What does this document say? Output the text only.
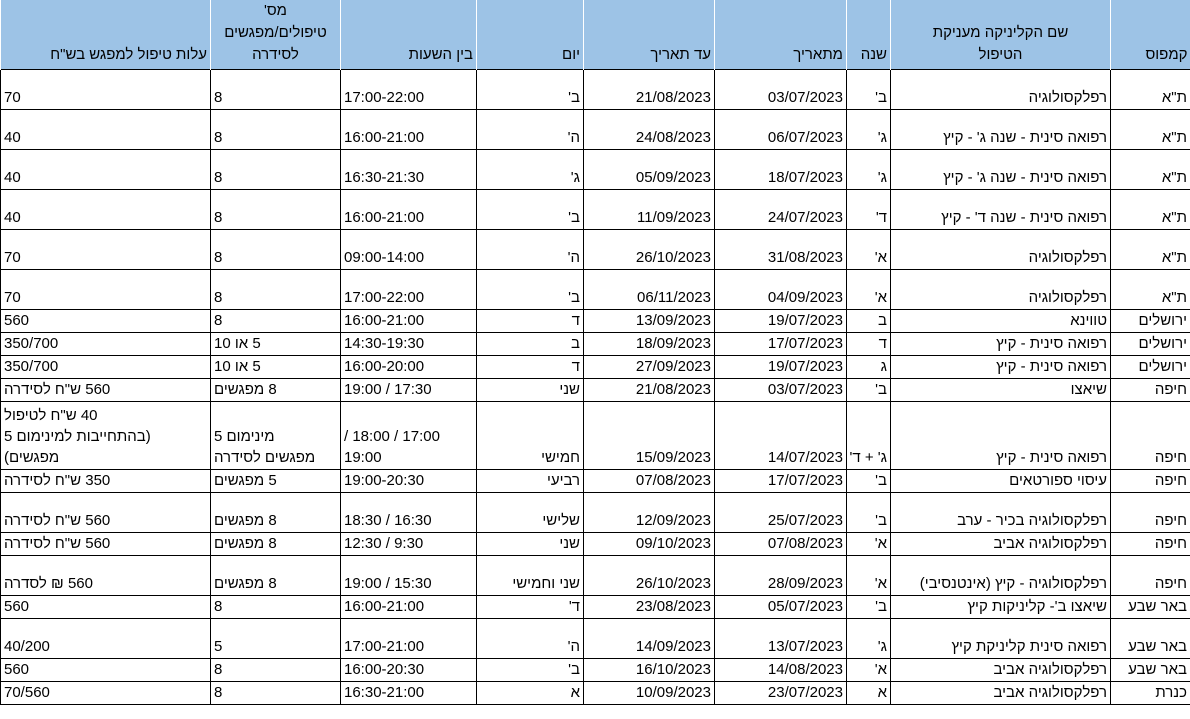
קמפוס	שם הקליניקה מעניקת
הטיפול	שנה	מתאריך	עד תאריך	יום	בין השעות	מס'
טיפולים/מפגשים
לסידרה	עלות טיפול למפגש בש"ח
ת"א	רפלקסולוגיה	ב'	03/07/2023	21/08/2023	ב'	17:00-22:00	8	70
ת"א	רפואה סינית - שנה ג' - קיץ	ג'	06/07/2023	24/08/2023	ה'	16:00-21:00	8	40
ת"א	רפואה סינית - שנה ג' - קיץ	ג'	18/07/2023	05/09/2023	ג'	16:30-21:30	8	40
ת"א	רפואה סינית - שנה ד' - קיץ	ד'	24/07/2023	11/09/2023	ב'	16:00-21:00	8	40
ת"א	רפלקסולוגיה	א'	31/08/2023	26/10/2023	ה'	09:00-14:00	8	70
ת"א	רפלקסולוגיה	א'	04/09/2023	06/11/2023	ב'	17:00-22:00	8	70
ירושלים	טווינא	ב	19/07/2023	13/09/2023	ד	16:00-21:00	8	560
ירושלים	רפואה סינית - קיץ	ד	17/07/2023	18/09/2023	ב	14:30-19:30	5 או 10	350/700
ירושלים	רפואה סינית - קיץ	ג	19/07/2023	27/09/2023	ד	16:00-20:00	5 או 10	350/700
חיפה	שיאצו	ב'	03/07/2023	21/08/2023	שני	17:30 / 19:00	8 מפגשים	560 ש"ח לסידרה
חיפה	רפואה סינית - קיץ	ג' + ד'	14/07/2023	15/09/2023	חמישי	17:00 / 18:00 /
19:00	מינימום 5
מפגשים לסידרה	40 ש"ח לטיפול
(בהתחייבות למינימום 5
מפגשים)
חיפה	עיסוי ספורטאים	ב'	17/07/2023	07/08/2023	רביעי	19:00-20:30	5 מפגשים	350 ש"ח לסידרה
חיפה	רפלקסולוגיה בכיר - ערב	ב'	25/07/2023	12/09/2023	שלישי	16:30 / 18:30	8 מפגשים	560 ש"ח לסידרה
חיפה	רפלקסולוגיה אביב	א'	07/08/2023	09/10/2023	שני	9:30 / 12:30	8 מפגשים	560 ש"ח לסידרה
חיפה	רפלקסולוגיה - קיץ (אינטנסיבי)	א'	28/09/2023	26/10/2023	שני וחמישי	15:30 / 19:00	8 מפגשים	560 ₪ לסדרה
באר שבע	שיאצו ב'- קליניקות קיץ	ב'	05/07/2023	23/08/2023	ד'	16:00-21:00	8	560
באר שבע	רפואה סינית קליניקת קיץ	ג'	13/07/2023	14/09/2023	ה'	17:00-21:00	5	40/200
באר שבע	רפלקסולוגיה אביב	א'	14/08/2023	16/10/2023	ב'	16:00-20:30	8	560
כנרת	רפלקסולוגיה אביב	א	23/07/2023	10/09/2023	א	16:30-21:00	8	70/560
